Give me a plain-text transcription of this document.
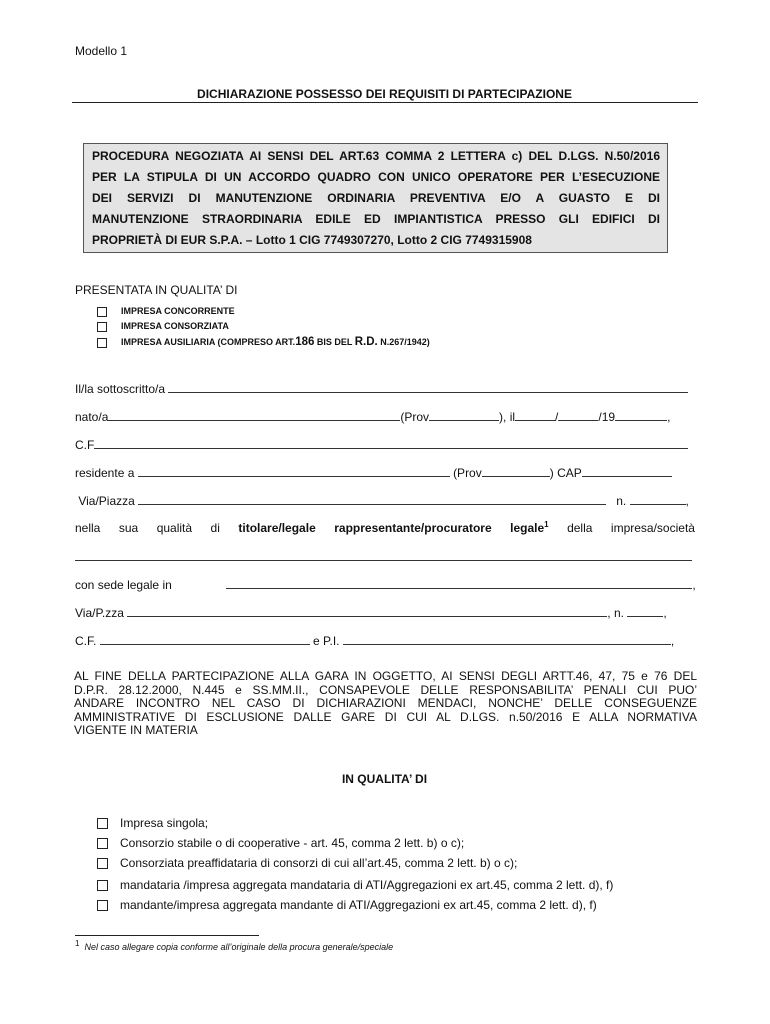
Modello 1
DICHIARAZIONE POSSESSO DEI REQUISITI DI PARTECIPAZIONE
PROCEDURA NEGOZIATA AI SENSI DEL ART.63 COMMA 2 LETTERA c) DEL D.LGS. N.50/2016
PER LA STIPULA DI UN ACCORDO QUADRO CON UNICO OPERATORE PER L’ESECUZIONE
DEI SERVIZI DI MANUTENZIONE ORDINARIA PREVENTIVA E/O A GUASTO E DI
MANUTENZIONE STRAORDINARIA EDILE ED IMPIANTISTICA PRESSO GLI EDIFICI DI
PROPRIETÀ DI EUR S.P.A. – Lotto 1 CIG 7749307270, Lotto 2 CIG 7749315908
PRESENTATA IN QUALITA’ DI
IMPRESA CONCORRENTE
IMPRESA CONSORZIATA
IMPRESA AUSILIARIA (COMPRESO ART.186 BIS DEL R.D. N.267/1942)
Il/la sottoscritto/a
nato/a	(Prov	), il	/	/19	,
C.F
residente a	(Prov	) CAP
Via/Piazza	n.	,
nella sua qualità di titolare/legale rappresentante/procuratore legale$^1$ della impresa/società
con sede legale in	,
Via/P.zza	, n.	,
C.F.	e P.I.	,
AL FINE DELLA PARTECIPAZIONE ALLA GARA IN OGGETTO, AI SENSI DEGLI ARTT.46, 47, 75 e 76 DEL
D.P.R. 28.12.2000, N.445 e SS.MM.II., CONSAPEVOLE DELLE RESPONSABILITA’ PENALI CUI PUO’
ANDARE INCONTRO NEL CASO DI DICHIARAZIONI MENDACI, NONCHE’ DELLE CONSEGUENZE
AMMINISTRATIVE DI ESCLUSIONE DALLE GARE DI CUI AL D.LGS. n.50/2016 E ALLA NORMATIVA
VIGENTE IN MATERIA
IN QUALITA’ DI
Impresa singola;
Consorzio stabile o di cooperative - art. 45, comma 2 lett. b) o c);
Consorziata preaffidataria di consorzi di cui all’art.45, comma 2 lett. b) o c);
mandataria /impresa aggregata mandataria di ATI/Aggregazioni ex art.45, comma 2 lett. d), f)
mandante/impresa aggregata mandante di ATI/Aggregazioni ex art.45, comma 2 lett. d), f)
$^1$ Nel caso allegare copia conforme all’originale della procura generale/speciale
